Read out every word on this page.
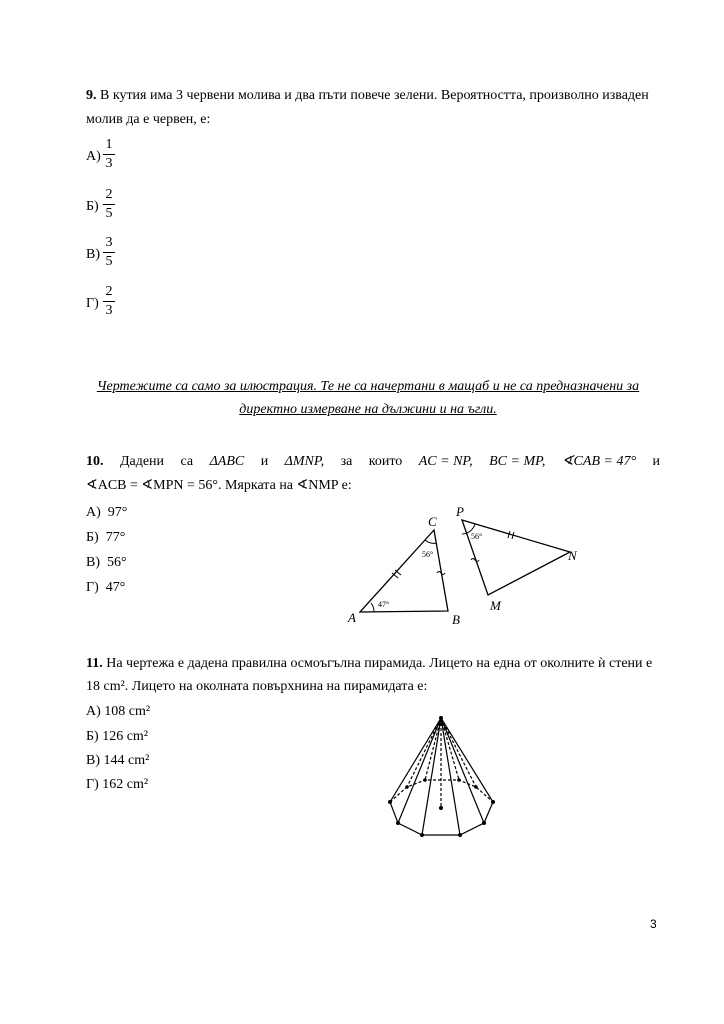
9. В кутия има 3 червени молива и два пъти повече зелени. Вероятността, произволно изваден
молив да е червен, е:
А)
1
3
Б)
2
5
В)
3
5
Г)
2
3
Чертежите са само за илюстрация. Те не са начертани в мащаб и не са предназначени за
директно измерване на дължини и на ъгли.
10. Дадени са ΔABC и ΔMNP, за които AC = NP, BC = MP, ∢CAB = 47° и
∢ACB = ∢MPN = 56°. Мярката на ∢NMP е:
А) 97°
Б) 77°
В) 56°
Г) 47°
A	B
C
P
N
M
47°
56°
56°
11. На чертежа е дадена правилна осмоъгълна пирамида. Лицето на една от околните ѝ стени е
18 cm². Лицето на околната повърхнина на пирамидата е:
А) 108 cm²
Б) 126 cm²
В) 144 cm²
Г) 162 cm²
3
